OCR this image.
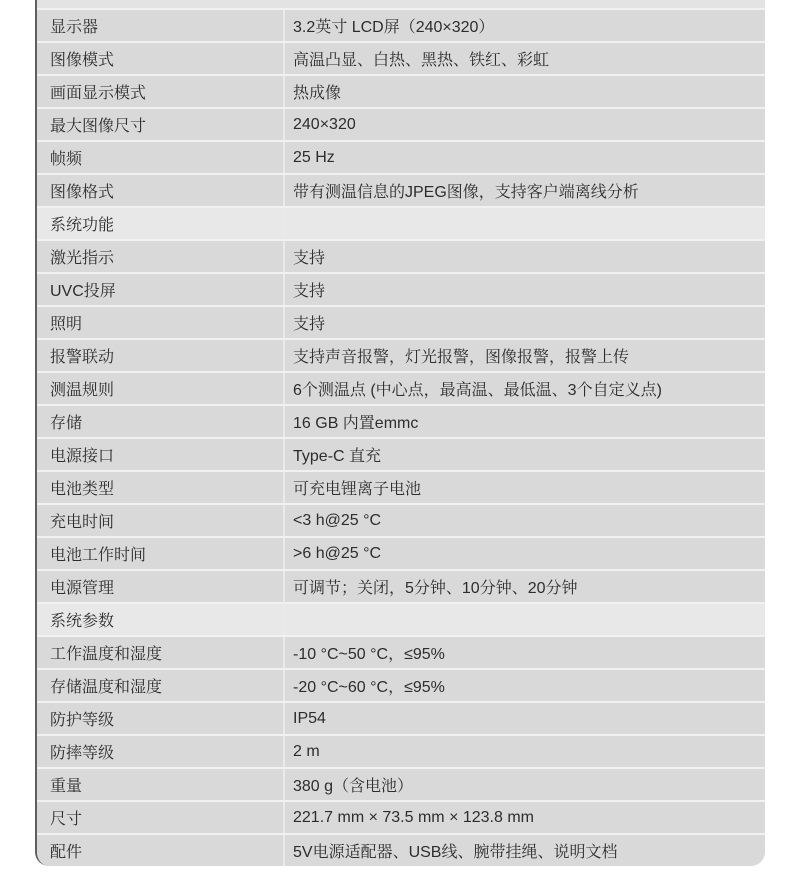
显示器	3.2英寸 LCD屏（240×320）
图像模式	高温凸显、白热、黑热、铁红、彩虹
画面显示模式	热成像
最大图像尺寸	240×320
帧频	25 Hz
图像格式	带有测温信息的JPEG图像，支持客户端离线分析
系统功能
激光指示	支持
UVC投屏	支持
照明	支持
报警联动	支持声音报警，灯光报警，图像报警，报警上传
测温规则	6个测温点 (中心点，最高温、最低温、3个自定义点)
存储	16 GB 内置emmc
电源接口	Type-C 直充
电池类型	可充电锂离子电池
充电时间	<3 h@25 °C
电池工作时间	>6 h@25 °C
电源管理	可调节；关闭，5分钟、10分钟、20分钟
系统参数
工作温度和湿度	-10 °C~50 °C，≤95%
存储温度和湿度	-20 °C~60 °C，≤95%
防护等级	IP54
防摔等级	2 m
重量	380 g（含电池）
尺寸	221.7 mm × 73.5 mm × 123.8 mm
配件	5V电源适配器、USB线、腕带挂绳、说明文档
